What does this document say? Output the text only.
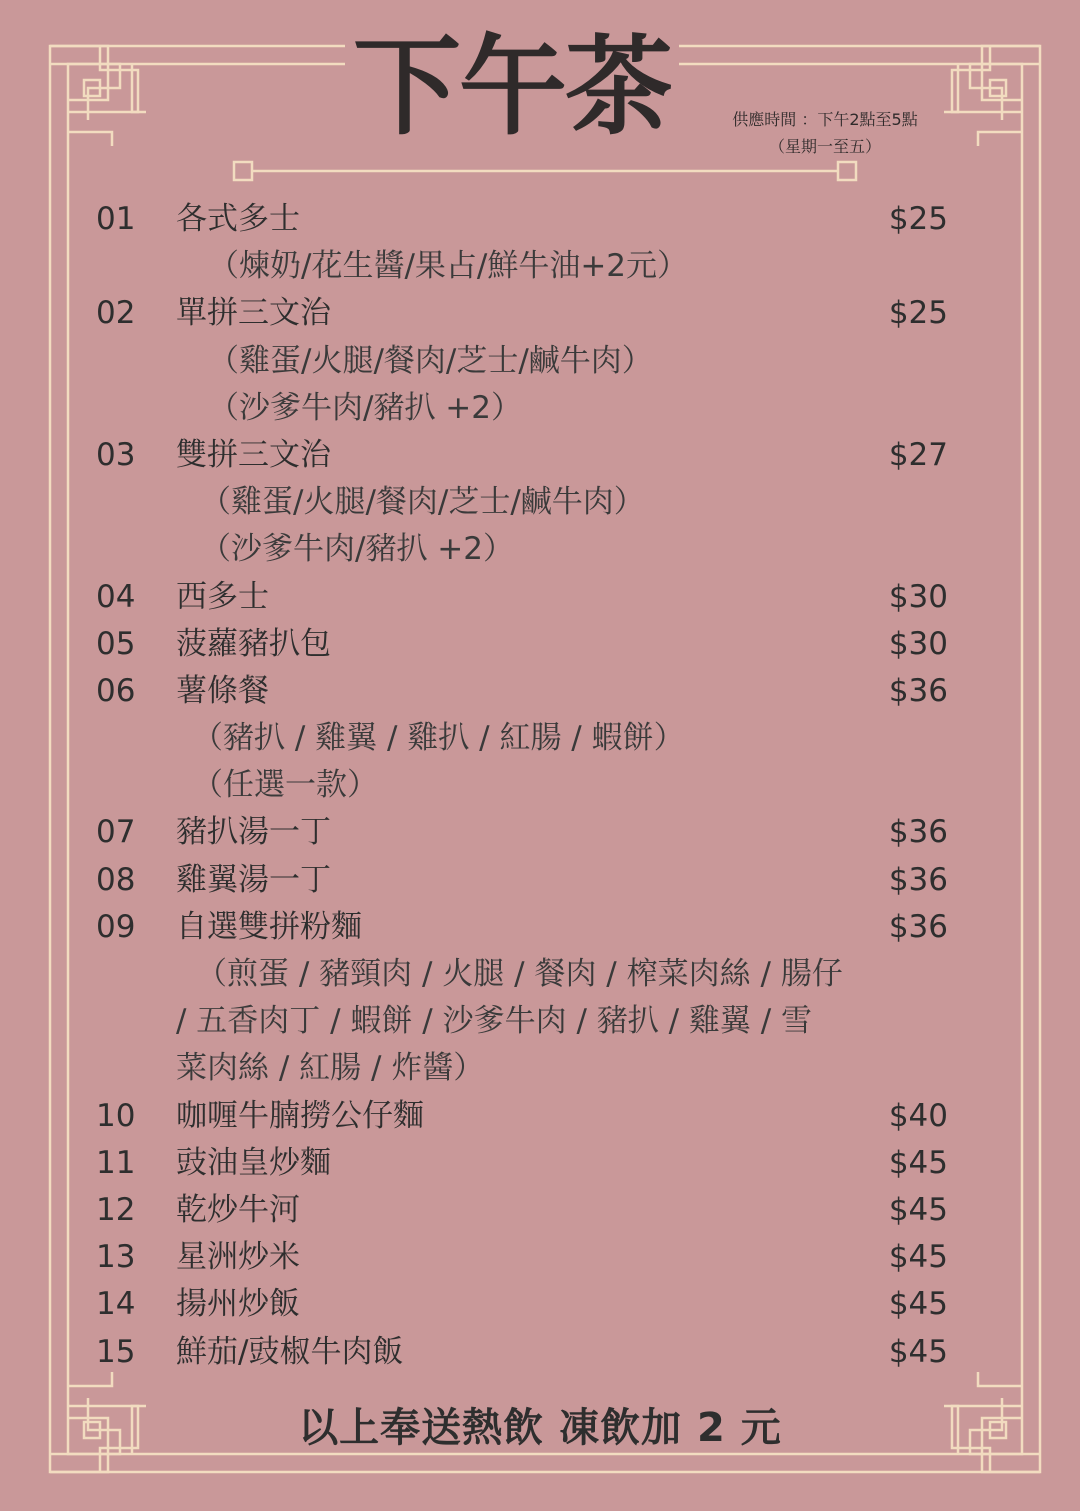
下午茶	供應時間 ：下午2點至5點
（星期一至五）
01 各式多士	$25
（煉奶/花生醬/果占/鮮牛油+2元）
02 單拼三文治	$25
（雞蛋/火腿/餐肉/芝士/鹹牛肉）
（沙爹牛肉/豬扒 +2）
03 雙拼三文治	$27
（雞蛋/火腿/餐肉/芝士/鹹牛肉）
（沙爹牛肉/豬扒 +2）
04 西多士	$30
05 菠蘿豬扒包	$30
06 薯條餐	$36
（豬扒 / 雞翼 / 雞扒 / 紅腸 / 蝦餅）
（任選一款）
07 豬扒湯一丁	$36
08 雞翼湯一丁	$36
09 自選雙拼粉麵	$36
（煎蛋 / 豬頸肉 / 火腿 / 餐肉 / 榨菜肉絲 / 腸仔
/ 五香肉丁 / 蝦餅 / 沙爹牛肉 / 豬扒 / 雞翼 / 雪
菜肉絲 / 紅腸 / 炸醬）
10 咖喱牛腩撈公仔麵	$40
11 豉油皇炒麵	$45
12 乾炒牛河	$45
13 星洲炒米	$45
14 揚州炒飯	$45
15 鮮茄/豉椒牛肉飯	$45
以上奉送熱飲 凍飲加 2 元
